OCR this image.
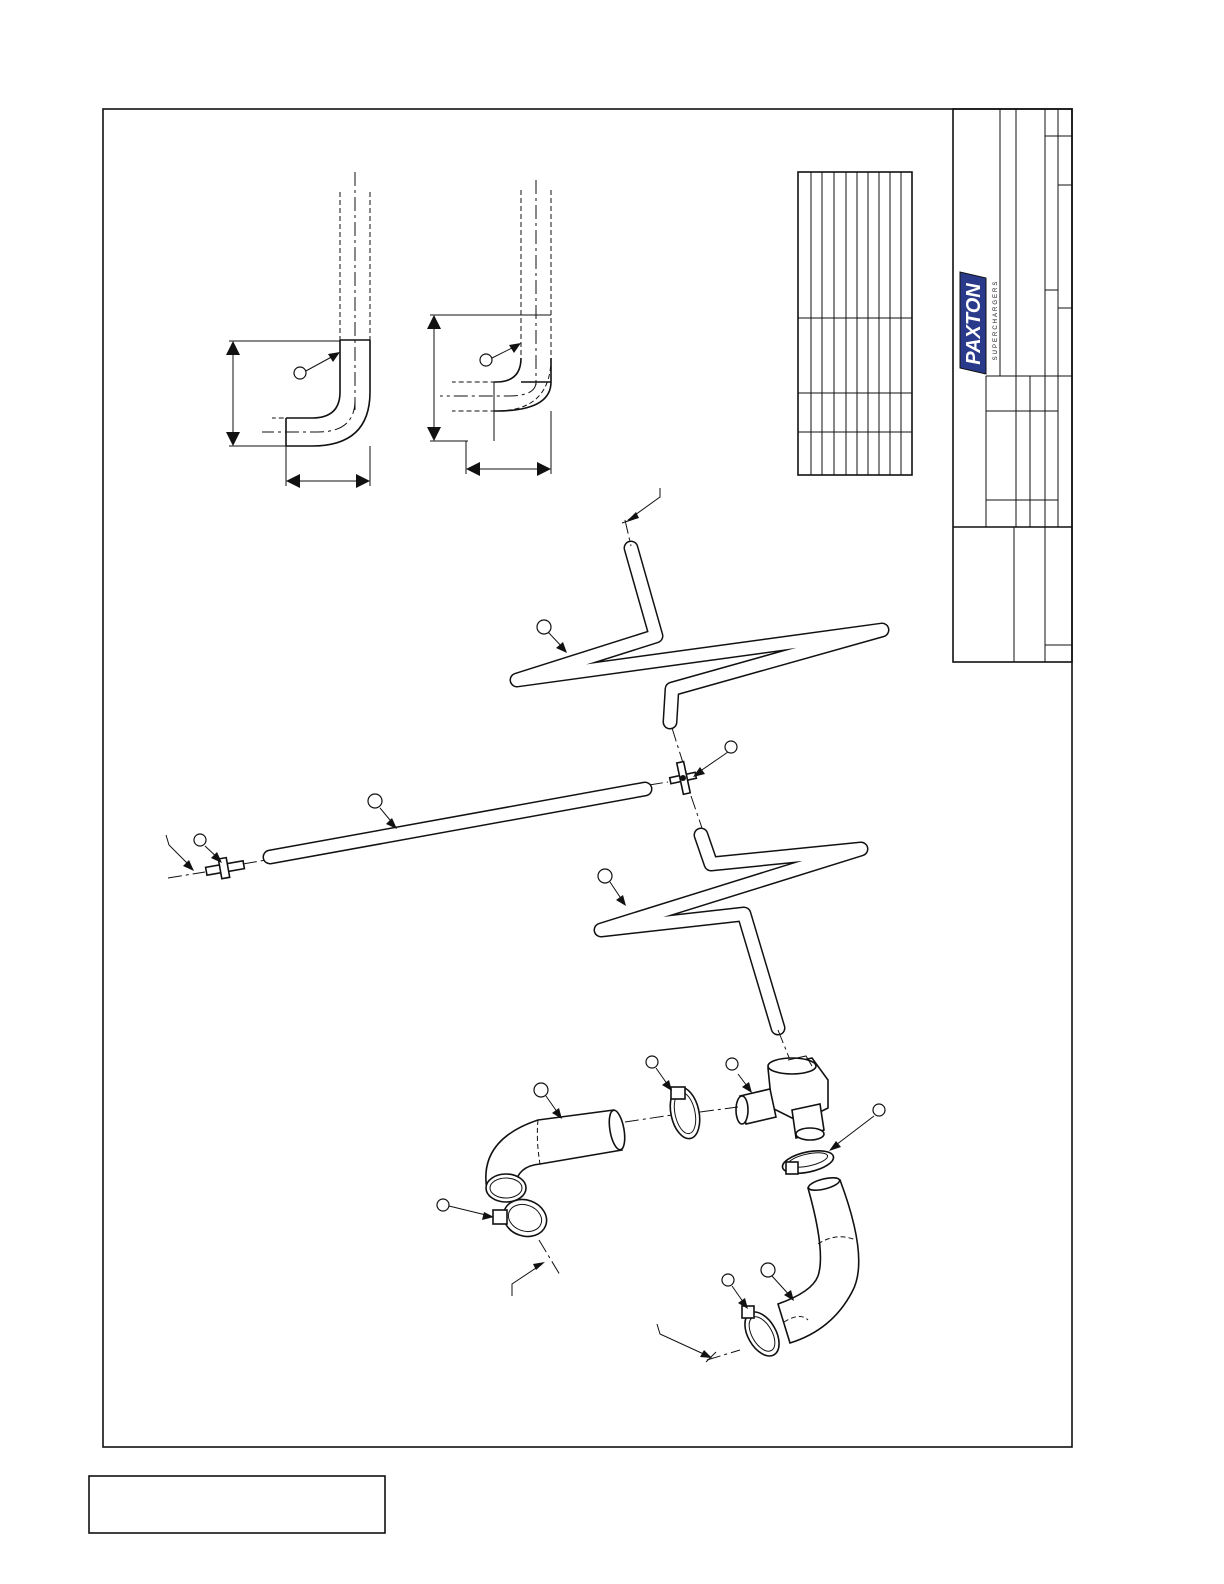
PAXTON SUPERCHARGERS
